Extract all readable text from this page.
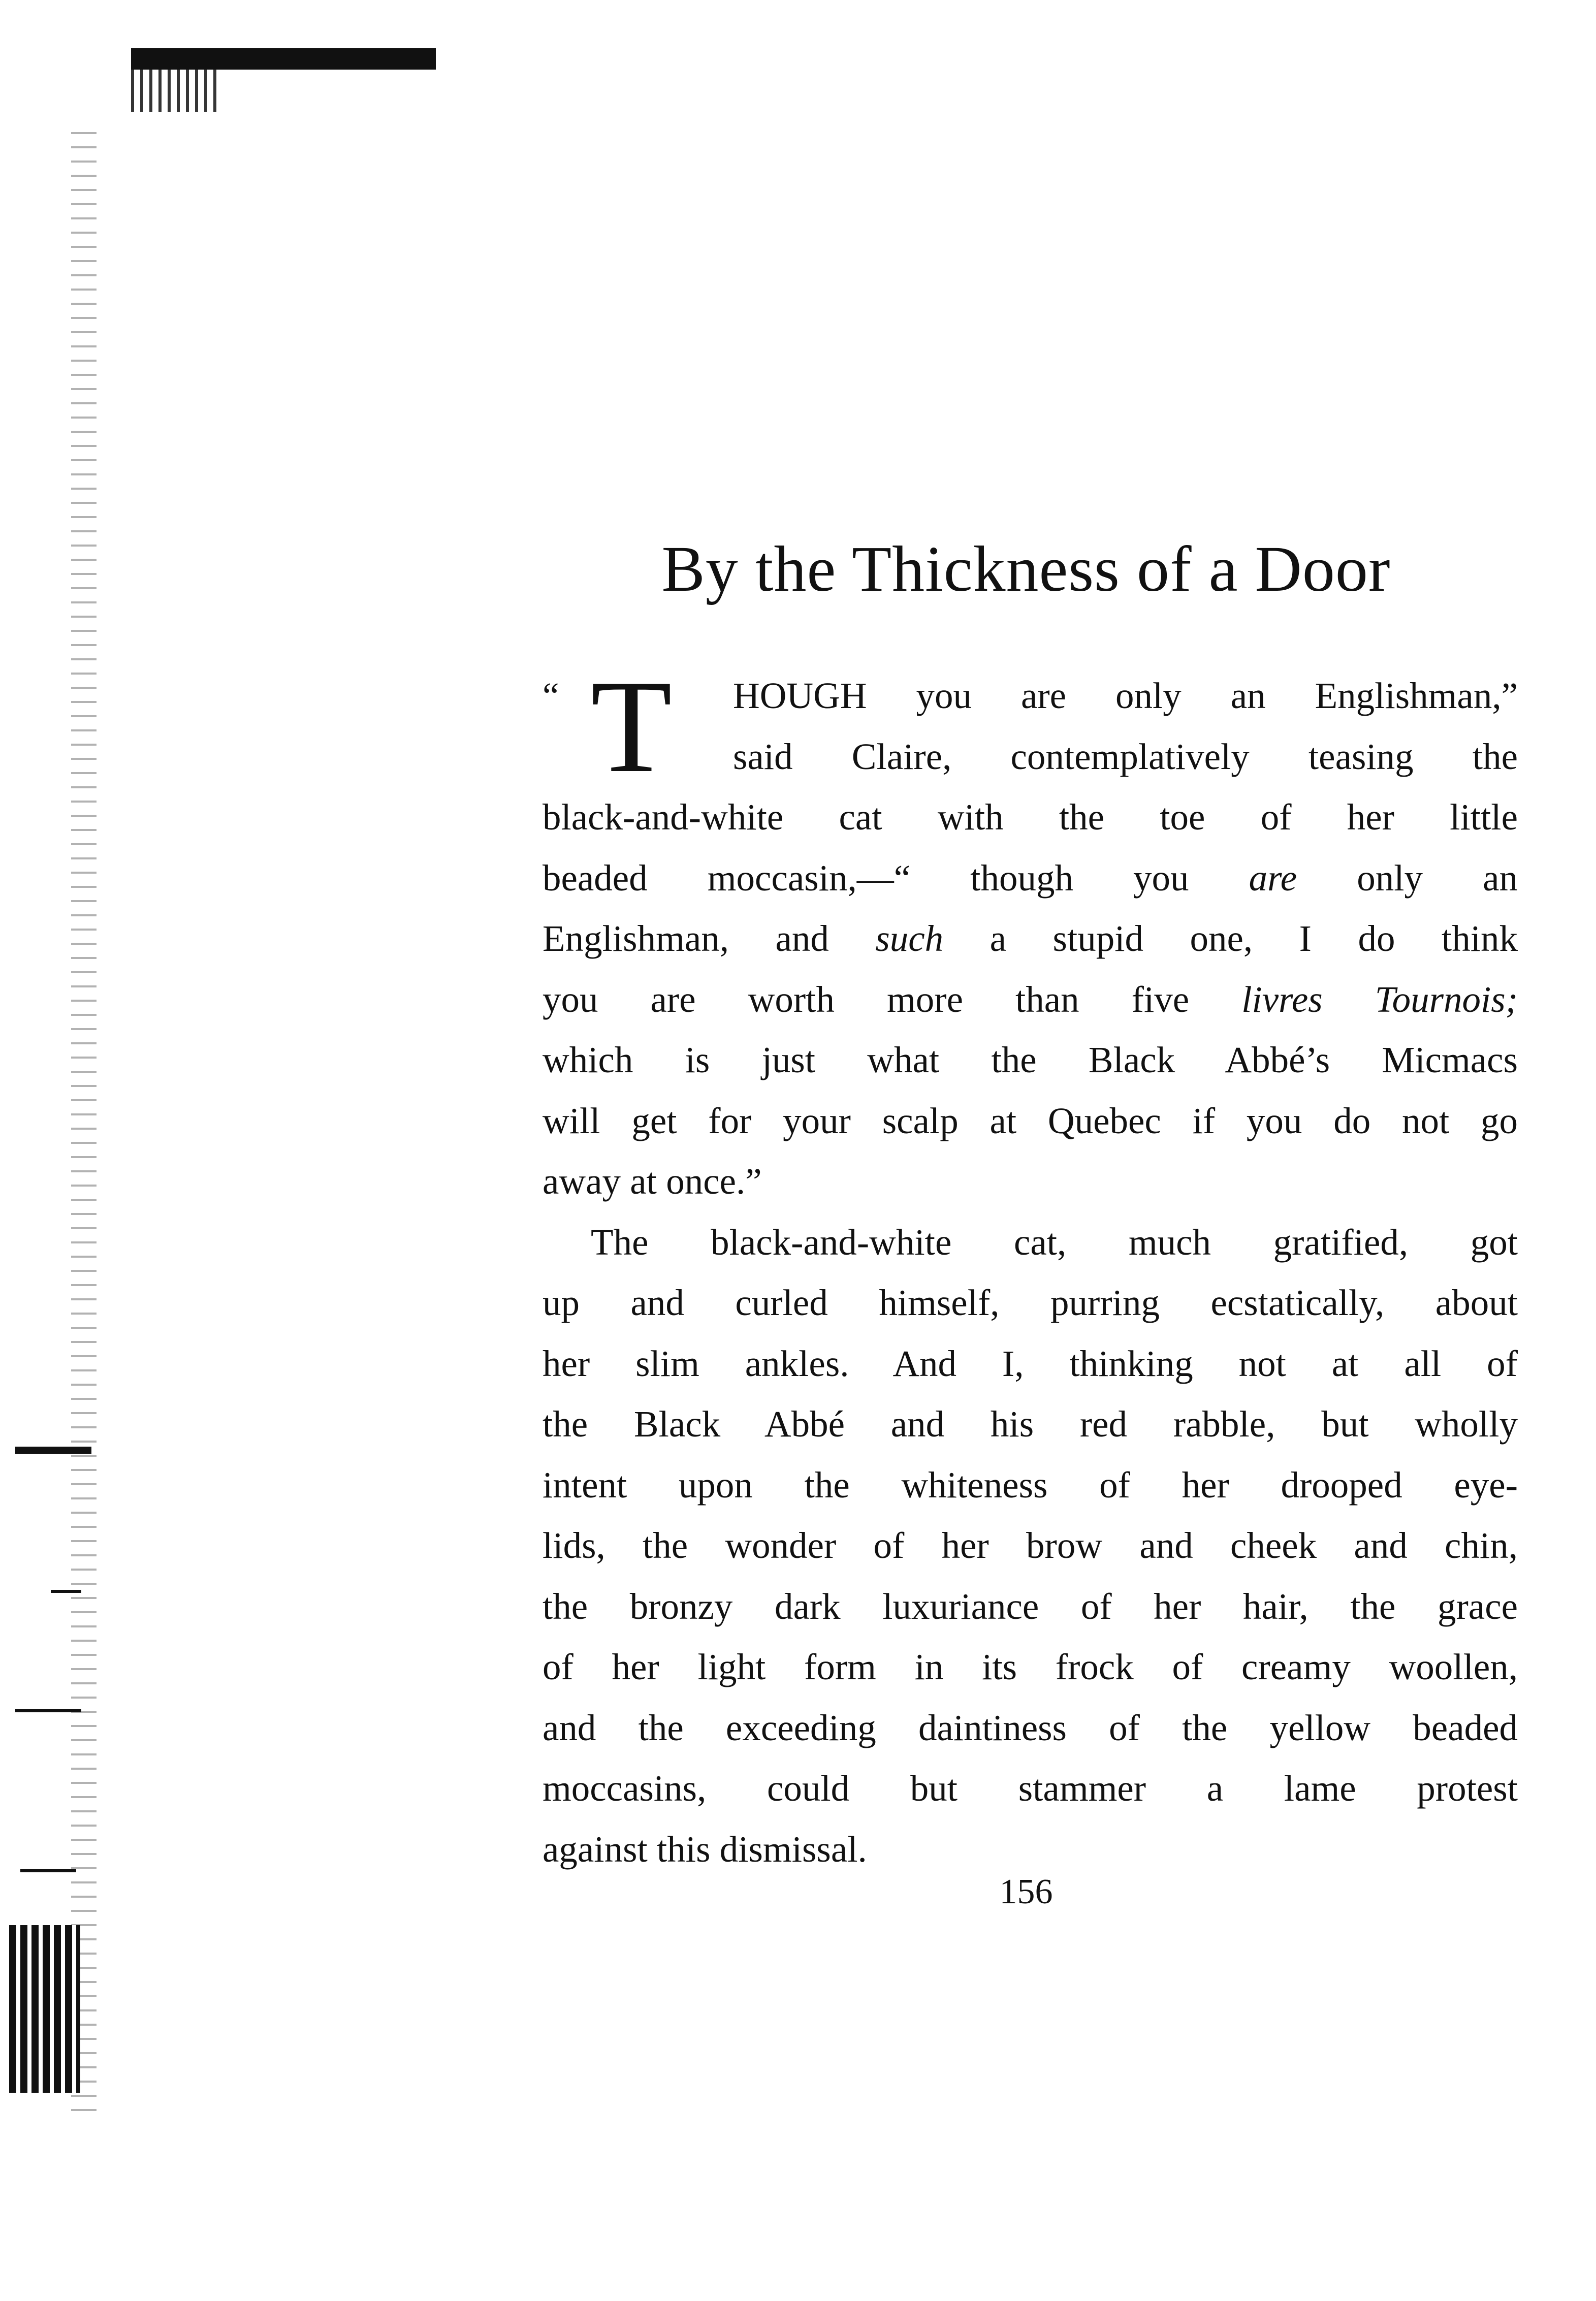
By the Thickness of a Door
“ T	HOUGH you are only an Englishman,”
said Claire, contemplatively teasing the
black-and-white cat with the toe of her little
beaded moccasin,—“ though you are only an
Englishman, and such a stupid one, I do think
you are worth more than five livres Tournois;
which is just what the Black Abbé’s Micmacs
will get for your scalp at Quebec if you do not go
away at once.”
The black-and-white cat, much gratified, got
up and curled himself, purring ecstatically, about
her slim ankles. And I, thinking not at all of
the Black Abbé and his red rabble, but wholly
intent upon the whiteness of her drooped eye-
lids, the wonder of her brow and cheek and chin,
the bronzy dark luxuriance of her hair, the grace
of her light form in its frock of creamy woollen,
and the exceeding daintiness of the yellow beaded
moccasins, could but stammer a lame protest
against this dismissal.
156
